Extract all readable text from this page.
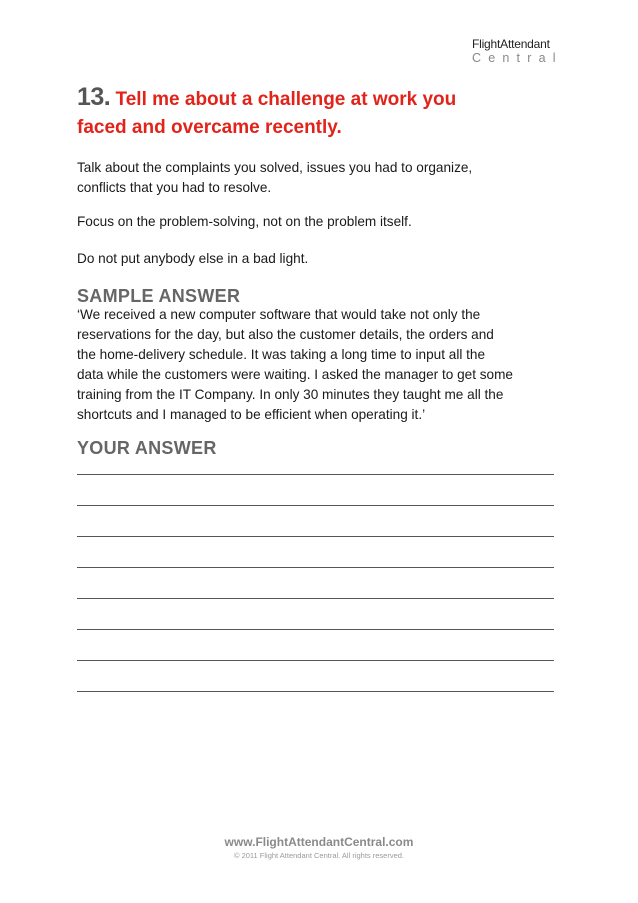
FlightAttendant
Central
13. Tell me about a challenge at work you
faced and overcame recently.
Talk about the complaints you solved, issues you had to organize,
conflicts that you had to resolve.
Focus on the problem-solving, not on the problem itself.
Do not put anybody else in a bad light.
SAMPLE ANSWER
‘We received a new computer software that would take not only the
reservations for the day, but also the customer details, the orders and
the home-delivery schedule. It was taking a long time to input all the
data while the customers were waiting. I asked the manager to get some
training from the IT Company. In only 30 minutes they taught me all the
shortcuts and I managed to be efficient when operating it.’
YOUR ANSWER
www.FlightAttendantCentral.com
© 2011 Flight Attendant Central. All rights reserved.
